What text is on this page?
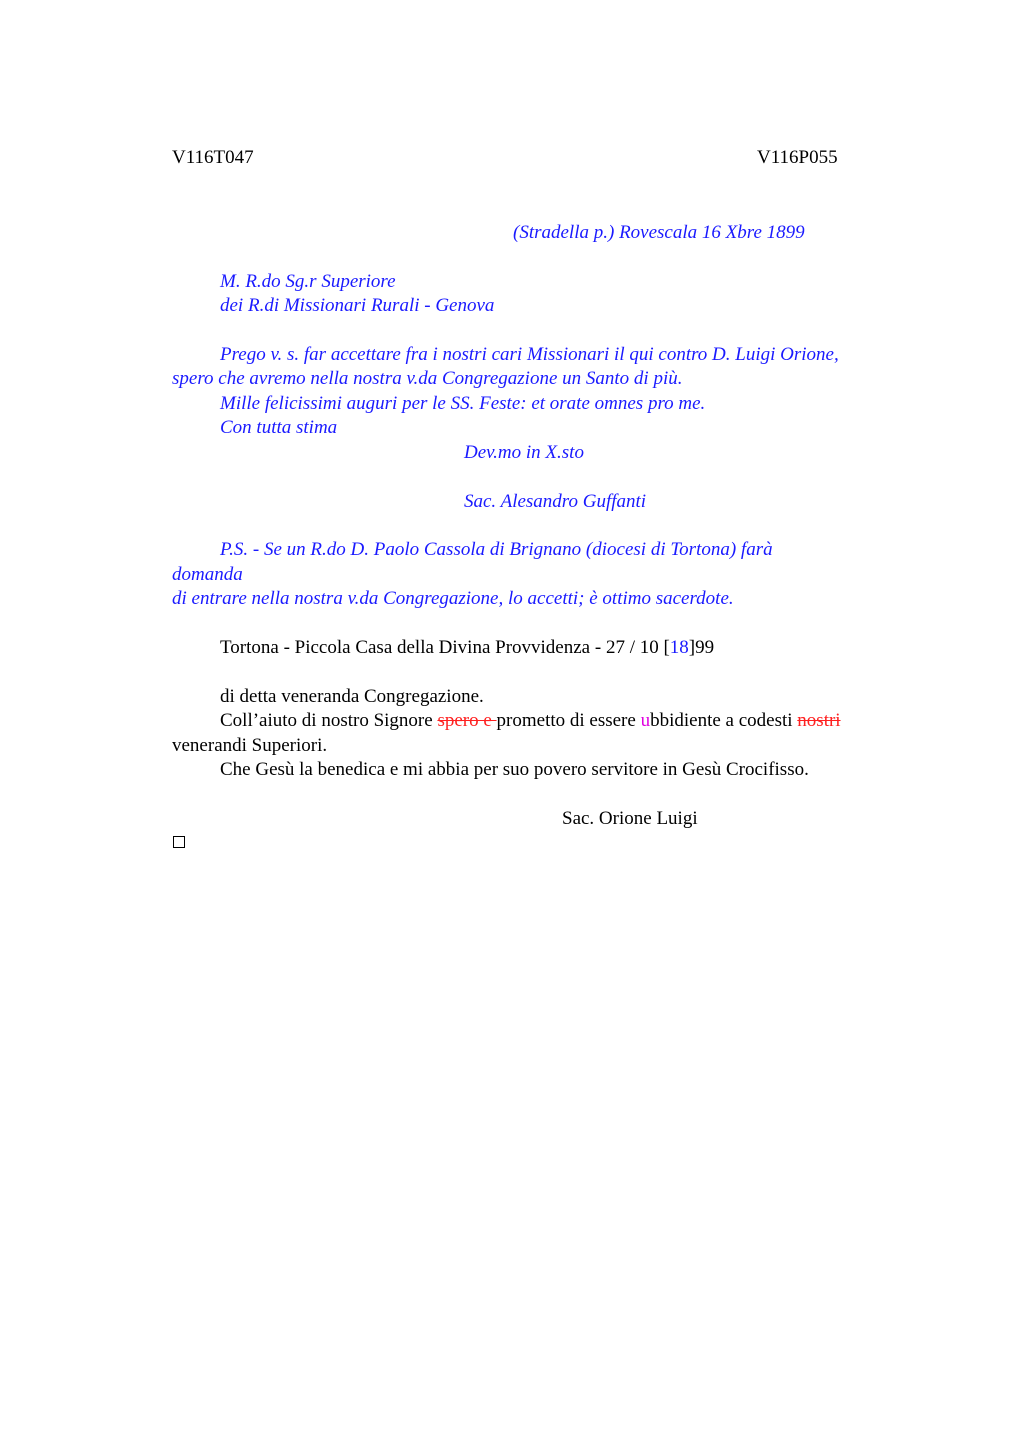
V116T047	V116P055
(Stradella p.) Rovescala 16 Xbre 1899
M. R.do Sg.r Superiore
dei R.di Missionari Rurali - Genova
Prego v. s. far accettare fra i nostri cari Missionari il qui contro D. Luigi Orione,
spero che avremo nella nostra v.da Congregazione un Santo di più.
Mille felicissimi auguri per le SS. Feste: et orate omnes pro me.
Con tutta stima
Dev.mo in X.sto
Sac. Alesandro Guffanti
P.S. - Se un R.do D. Paolo Cassola di Brignano (diocesi di Tortona) farà
domanda
di entrare nella nostra v.da Congregazione, lo accetti; è ottimo sacerdote.
Tortona - Piccola Casa della Divina Provvidenza - 27 / 10 [18]99
di detta veneranda Congregazione.
Coll’aiuto di nostro Signore spero e prometto di essere ubbidiente a codesti nostri
venerandi Superiori.
Che Gesù la benedica e mi abbia per suo povero servitore in Gesù Crocifisso.
Sac. Orione Luigi
